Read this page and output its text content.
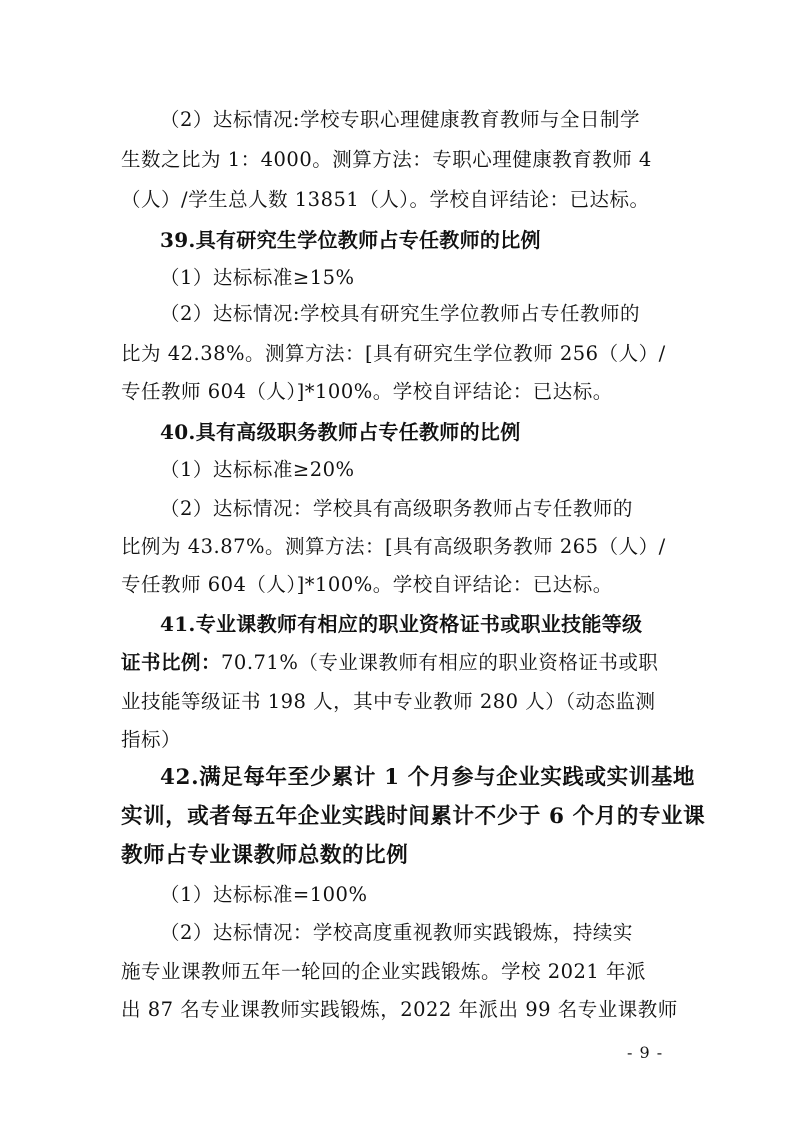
（2）达标情况:学校专职心理健康教育教师与全日制学
生数之比为 1：4000。测算方法：专职心理健康教育教师 4
（人）/学生总人数 13851（人）。学校自评结论：已达标。
39.具有研究生学位教师占专任教师的比例
（1）达标标准≥15%
（2）达标情况:学校具有研究生学位教师占专任教师的
比为 42.38%。测算方法：[具有研究生学位教师 256（人）/
专任教师 604（人）]*100%。学校自评结论：已达标。
40.具有高级职务教师占专任教师的比例
（1）达标标准≥20%
（2）达标情况：学校具有高级职务教师占专任教师的
比例为 43.87%。测算方法：[具有高级职务教师 265（人）/
专任教师 604（人）]*100%。学校自评结论：已达标。
41.专业课教师有相应的职业资格证书或职业技能等级
证书比例：70.71%（专业课教师有相应的职业资格证书或职
业技能等级证书 198 人，其中专业教师 280 人）（动态监测
指标）
42.满足每年至少累计 1 个月参与企业实践或实训基地
实训，或者每五年企业实践时间累计不少于 6 个月的专业课
教师占专业课教师总数的比例
（1）达标标准=100%
（2）达标情况：学校高度重视教师实践锻炼，持续实
施专业课教师五年一轮回的企业实践锻炼。学校 2021 年派
出 87 名专业课教师实践锻炼，2022 年派出 99 名专业课教师
- 9 -
